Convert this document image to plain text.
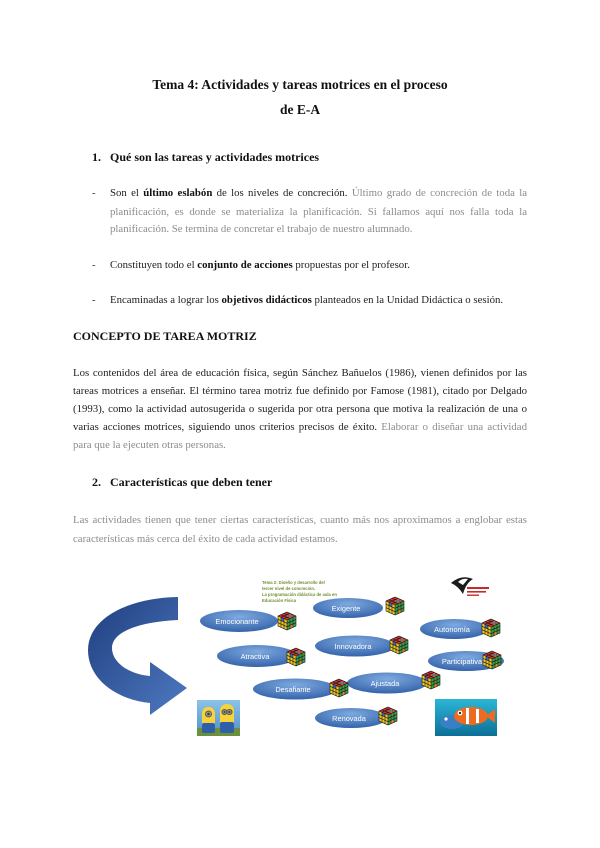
Tema 4: Actividades y tareas motrices en el proceso
de E-A
1. Qué son las tareas y actividades motrices
- Son el último eslabón de los niveles de concreción. Último grado de concreción de toda la
planificación, es donde se materializa la planificación. Si fallamos aquí nos falla toda la
planificación. Se termina de concretar el trabajo de nuestro alumnado.
- Constituyen todo el conjunto de acciones propuestas por el profesor.
- Encaminadas a lograr los objetivos didácticos planteados en la Unidad Didáctica o sesión.
CONCEPTO DE TAREA MOTRIZ
Los contenidos del área de educación física, según Sánchez Bañuelos (1986), vienen definidos por las
tareas motrices a enseñar. El término tarea motriz fue definido por Famose (1981), citado por Delgado
(1993), como la actividad autosugerida o sugerida por otra persona que motiva la realización de una o
varias acciones motrices, siguiendo unos criterios precisos de éxito. Elaborar o diseñar una actividad
para que la ejecuten otras personas.
2. Características que deben tener
Las actividades tienen que tener ciertas características, cuanto más nos aproximamos a englobar estas
características más cerca del éxito de cada actividad estamos.
Tema 2: Diseño y desarrollo del
tercer nivel de concreción.
La programación didáctica de aula en
Educación Física
Emocionante
Exigente
Autonomía
Innovadora
Atractiva
Participativa
Ajustada
Desafiante
Renovada
